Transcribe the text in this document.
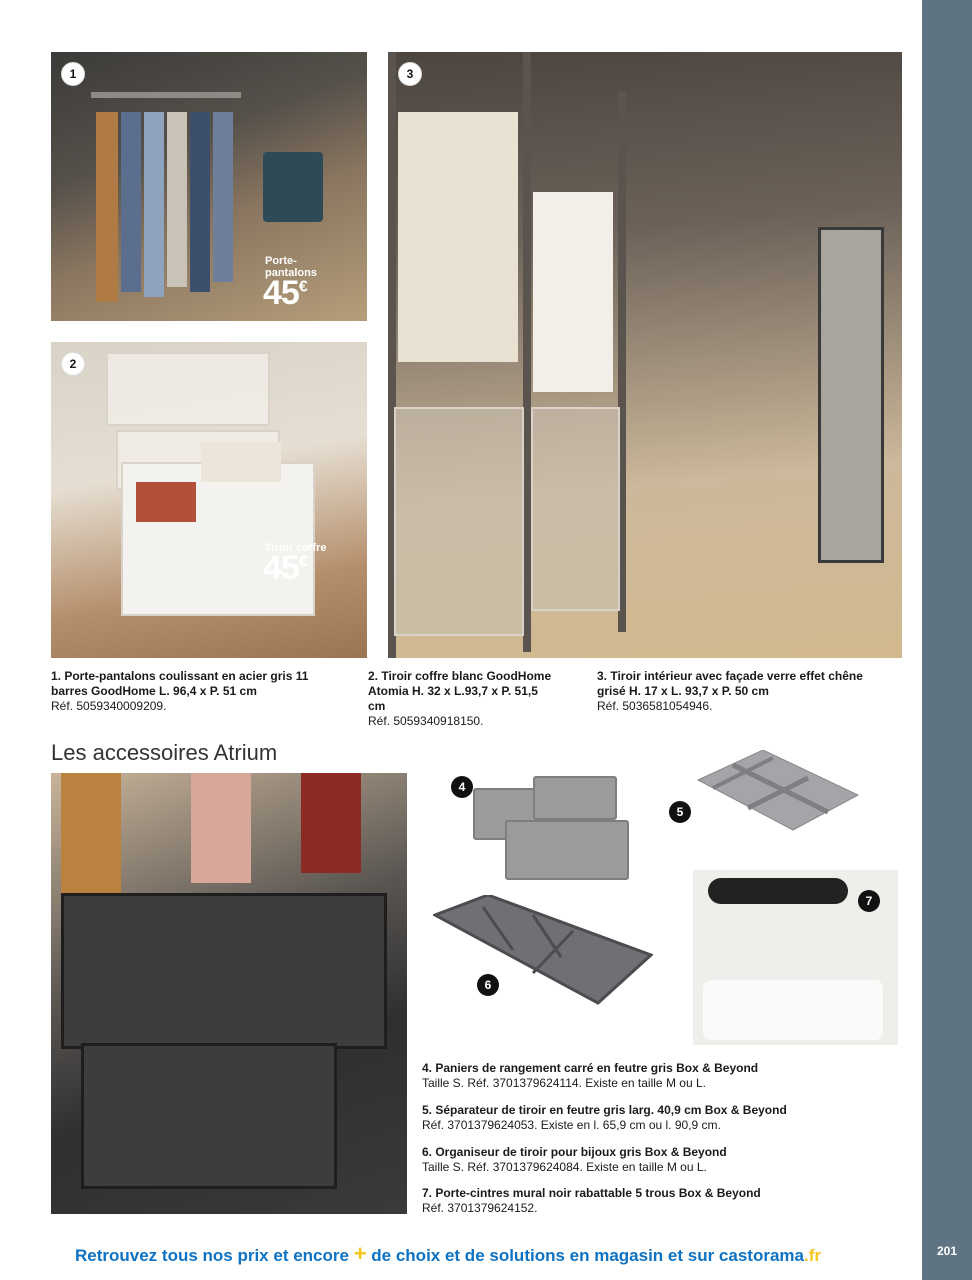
201
1
Porte-
pantalons
45€
2
Tiroir coffre
45€
3
1. Porte-pantalons coulissant en acier gris 11 barres GoodHome L. 96,4 x P. 51 cm
Réf. 5059340009209.
2. Tiroir coffre blanc GoodHome Atomia H. 32 x L.93,7 x P. 51,5 cm
Réf. 5059340918150.
3. Tiroir intérieur avec façade verre effet chêne grisé H. 17 x L. 93,7 x P. 50 cm
Réf. 5036581054946.
Les accessoires Atrium
4
5
6
7
4. Paniers de rangement carré en feutre gris Box & Beyond
Taille S. Réf. 3701379624114. Existe en taille M ou L.
5. Séparateur de tiroir en feutre gris larg. 40,9 cm Box & Beyond
Réf. 3701379624053. Existe en l. 65,9 cm ou l. 90,9 cm.
6. Organiseur de tiroir pour bijoux gris Box & Beyond
Taille S. Réf. 3701379624084. Existe en taille M ou L.
7. Porte-cintres mural noir rabattable 5 trous Box & Beyond
Réf. 3701379624152.
Retrouvez tous nos prix et encore + de choix et de solutions en magasin et sur castorama.fr
